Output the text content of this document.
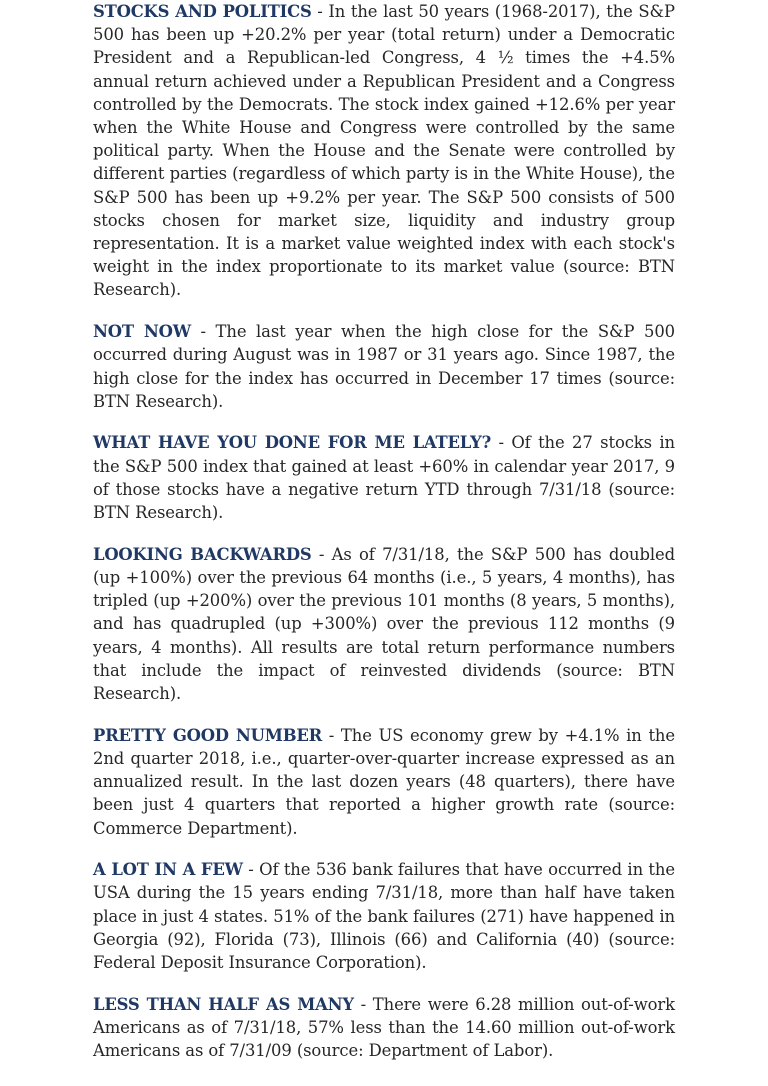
STOCKS AND POLITICS - In the last 50 years (1968-2017), the S&P 500 has been up +20.2% per year (total return) under a Democratic President and a Republican-led Congress, 4 ½ times the +4.5% annual return achieved under a Republican President and a Congress controlled by the Democrats. The stock index gained +12.6% per year when the White House and Congress were controlled by the same political party. When the House and the Senate were controlled by different parties (regardless of which party is in the White House), the S&P 500 has been up +9.2% per year. The S&P 500 consists of 500 stocks chosen for market size, liquidity and industry group representation. It is a market value weighted index with each stock's weight in the index proportionate to its market value (source: BTN Research).

NOT NOW - The last year when the high close for the S&P 500 occurred during August was in 1987 or 31 years ago. Since 1987, the high close for the index has occurred in December 17 times (source: BTN Research).

WHAT HAVE YOU DONE FOR ME LATELY? - Of the 27 stocks in the S&P 500 index that gained at least +60% in calendar year 2017, 9 of those stocks have a negative return YTD through 7/31/18 (source: BTN Research).

LOOKING BACKWARDS - As of 7/31/18, the S&P 500 has doubled (up +100%) over the previous 64 months (i.e., 5 years, 4 months), has tripled (up +200%) over the previous 101 months (8 years, 5 months), and has quadrupled (up +300%) over the previous 112 months (9 years, 4 months). All results are total return performance numbers that include the impact of reinvested dividends (source: BTN Research).

PRETTY GOOD NUMBER - The US economy grew by +4.1% in the 2nd quarter 2018, i.e., quarter-over-quarter increase expressed as an annualized result. In the last dozen years (48 quarters), there have been just 4 quarters that reported a higher growth rate (source: Commerce Department).

A LOT IN A FEW - Of the 536 bank failures that have occurred in the USA during the 15 years ending 7/31/18, more than half have taken place in just 4 states. 51% of the bank failures (271) have happened in Georgia (92), Florida (73), Illinois (66) and California (40) (source: Federal Deposit Insurance Corporation).

LESS THAN HALF AS MANY - There were 6.28 million out-of-work Americans as of 7/31/18, 57% less than the 14.60 million out-of-work Americans as of 7/31/09 (source: Department of Labor).
